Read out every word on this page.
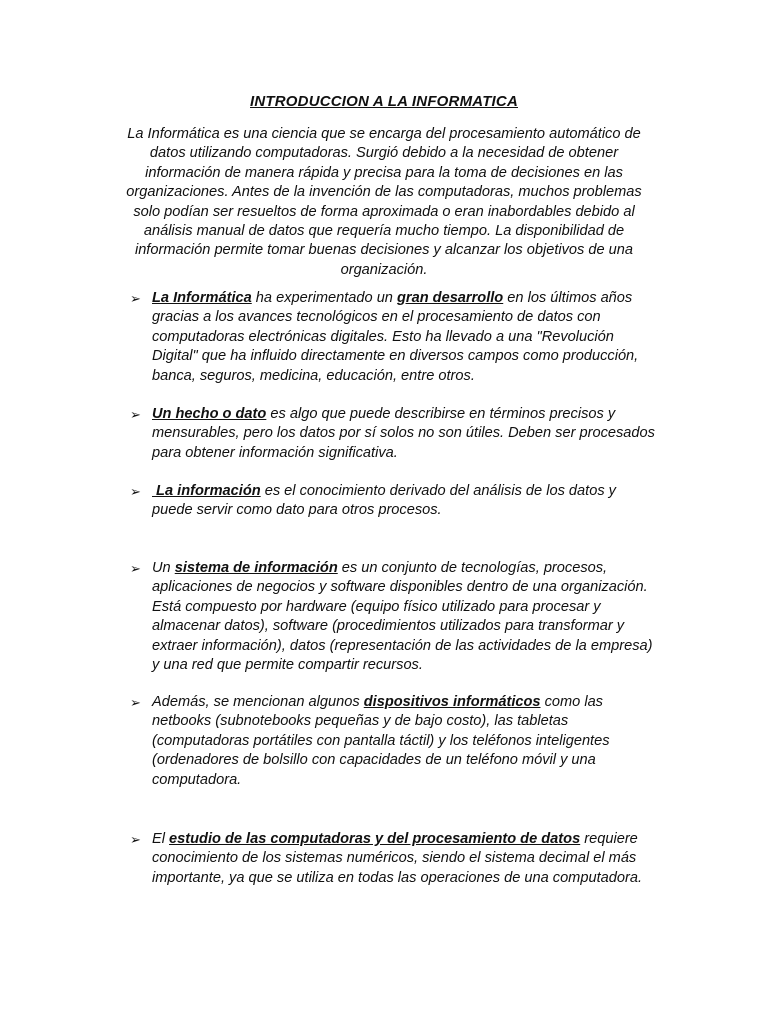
INTRODUCCION A LA INFORMATICA

La Informática es una ciencia que se encarga del procesamiento automático de datos utilizando computadoras. Surgió debido a la necesidad de obtener información de manera rápida y precisa para la toma de decisiones en las organizaciones. Antes de la invención de las computadoras, muchos problemas solo podían ser resueltos de forma aproximada o eran inabordables debido al análisis manual de datos que requería mucho tiempo. La disponibilidad de información permite tomar buenas decisiones y alcanzar los objetivos de una organización.

➢ La Informática ha experimentado un gran desarrollo en los últimos años gracias a los avances tecnológicos en el procesamiento de datos con computadoras electrónicas digitales. Esto ha llevado a una "Revolución Digital" que ha influido directamente en diversos campos como producción, banca, seguros, medicina, educación, entre otros.
➢ Un hecho o dato es algo que puede describirse en términos precisos y mensurables, pero los datos por sí solos no son útiles. Deben ser procesados para obtener información significativa.
➢ La información es el conocimiento derivado del análisis de los datos y puede servir como dato para otros procesos.
➢ Un sistema de información es un conjunto de tecnologías, procesos, aplicaciones de negocios y software disponibles dentro de una organización. Está compuesto por hardware (equipo físico utilizado para procesar y almacenar datos), software (procedimientos utilizados para transformar y extraer información), datos (representación de las actividades de la empresa) y una red que permite compartir recursos.
➢ Además, se mencionan algunos dispositivos informáticos como las netbooks (subnotebooks pequeñas y de bajo costo), las tabletas (computadoras portátiles con pantalla táctil) y los teléfonos inteligentes (ordenadores de bolsillo con capacidades de un teléfono móvil y una computadora.
➢ El estudio de las computadoras y del procesamiento de datos requiere conocimiento de los sistemas numéricos, siendo el sistema decimal el más importante, ya que se utiliza en todas las operaciones de una computadora.
